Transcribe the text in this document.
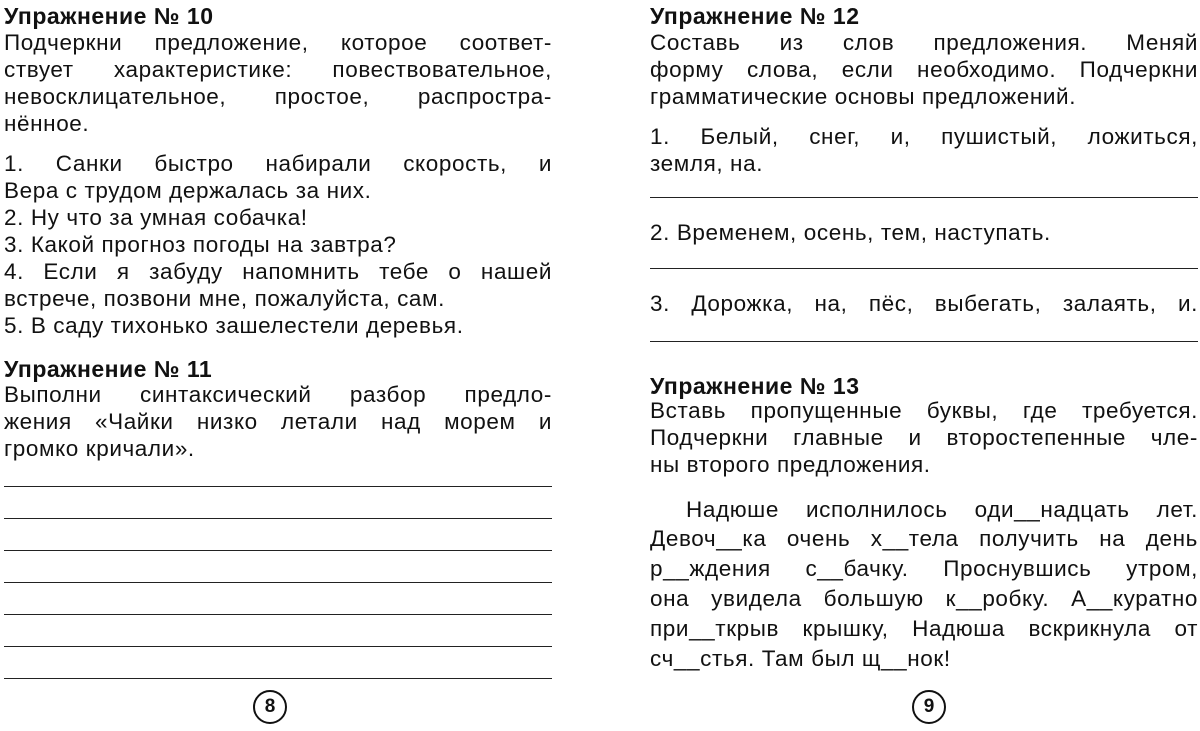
Упражнение № 10
Подчеркни предложение, которое соответ-
ствует характеристике: повествовательное,
невосклицательное, простое, распростра-
нённое.
1. Санки быстро набирали скорость, и
Вера с трудом держалась за них.
2. Ну что за умная собачка!
3. Какой прогноз погоды на завтра?
4. Если я забуду напомнить тебе о нашей
встрече, позвони мне, пожалуйста, сам.
5. В саду тихонько зашелестели деревья.
Упражнение № 11
Выполни синтаксический разбор предло-
жения «Чайки низко летали над морем и
громко кричали».
8
Упражнение № 12
Составь из слов предложения. Меняй
форму слова, если необходимо. Подчеркни
грамматические основы предложений.
1. Белый, снег, и, пушистый, ложиться,
земля, на.
2. Временем, осень, тем, наступать.
3. Дорожка, на, пёс, выбегать, залаять, и.
Упражнение № 13
Вставь пропущенные буквы, где требуется.
Подчеркни главные и второстепенные чле-
ны второго предложения.
Надюше исполнилось оди__надцать лет.
Девоч__ка очень х__тела получить на день
р__ждения с__бачку. Проснувшись утром,
она увидела большую к__робку. А__куратно
при__ткрыв крышку, Надюша вскрикнула от
сч__стья. Там был щ__нок!
9
